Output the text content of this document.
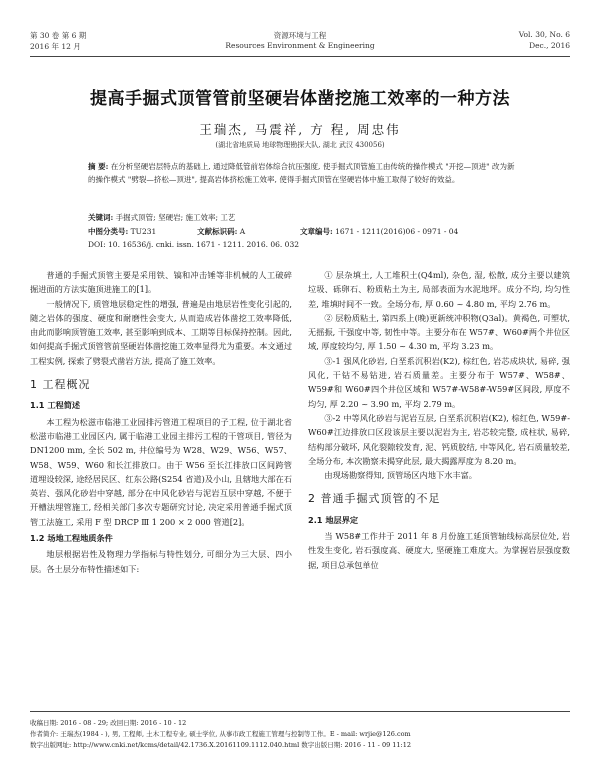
第 30 卷 第 6 期
2016 年 12 月
资源环境与工程
Resources Environment & Engineering
Vol. 30, No. 6
Dec., 2016
提高手掘式顶管管前坚硬岩体凿挖施工效率的一种方法
王瑞杰, 马震祥, 方 程, 周忠伟
(湖北省地质局 地球物理勘探大队, 湖北 武汉 430056)
摘 要: 在分析坚硬岩层特点的基础上, 通过降低管前岩体综合抗压强度, 使手掘式顶管施工由传统的操作模式 "开挖—顶进" 改为新的操作模式 "劈裂—挤松—顶进", 提高岩体挤松施工效率, 使得手掘式顶管在坚硬岩体中施工取得了较好的效益。
关键词: 手掘式顶管; 坚硬岩; 施工效率; 工艺
中图分类号: TU231	文献标识码: A	文章编号: 1671 - 1211(2016)06 - 0971 - 04
DOI: 10. 16536/j. cnki. issn. 1671 - 1211. 2016. 06. 032

普通的手掘式顶管主要是采用铁、镐和冲击锤等非机械的人工破碎掘进面的方法实施顶进施工的[1]。

一般情况下, 质管地层稳定性的增强, 普遍是由地层岩性变化引起的, 随之岩体的强度、硬度和耐磨性会变大, 从而造成岩体凿挖工效率降低, 由此而影响顶管施工效率, 甚至影响到成本、工期等目标保持控制。因此, 如何提高手掘式顶管管前坚硬岩体凿挖施工效率显得尤为重要。本文通过工程实例, 探索了劈裂式凿岩方法, 提高了施工效率。

1 工程概况
1.1 工程简述

本工程为松滋市临港工业园排污管道工程项目的子工程, 位于湖北省松滋市临港工业园区内, 属于临港工业园主排污工程的干管项目, 管径为 DN1200 mm, 全长 502 m, 井位编号为 W28、W29、W56、W57、W58、W59、W60 和长江排放口。由于 W56 至长江排放口区间跨管道埋设较深, 途经居民区、红东公路(S254 省道)及小山, 且辖地大部在石英岩、强风化砂岩中穿越, 部分在中风化砂岩与泥岩互层中穿越, 不便于开槽法埋管施工, 经相关部门多次专题研究讨论, 决定采用普通手掘式顶管工法施工, 采用 F 型 DRCP Ⅲ 1 200 × 2 000 管道[2]。

1.2 场地工程地质条件

地层根据岩性及物理力学指标与特性划分, 可细分为三大层、四小层。各土层分布特性描述如下:

① 层杂填土, 人工堆积土(Q4ml), 杂色, 湿, 松散, 成分主要以建筑垃圾、砾卵石、粉质粘土为主, 局部表面为水泥地坪。成分不均, 均匀性差, 堆填时间不一致。全场分布, 厚 0.60 ~ 4.80 m, 平均 2.76 m。

② 层粉质粘土, 第四系上(晚)更新统冲积物(Q3al)。黄褐色, 可塑状, 无摇振, 干强度中等, 韧性中等。主要分布在 W57#、W60#两个井位区域, 厚度较均匀, 厚 1.50 ~ 4.30 m, 平均 3.23 m。

③-1 强风化砂岩, 白垩系沉积岩(K2), 棕红色, 岩芯成块状, 易碎, 强风化, 干钻不易钻进, 岩石质量差。主要分布于 W57#、W58#、W59#和 W60#四个井位区域和 W57#-W58#-W59#区间段, 厚度不均匀, 厚 2.20 ~ 3.90 m, 平均 2.79 m。

③-2 中等风化砂岩与泥岩互层, 白垩系沉积岩(K2), 棕红色, W59#-W60#江边排放口区段该层主要以泥岩为主, 岩芯较完整, 成柱状, 易碎, 结构部分破坏, 风化裂隙较发育, 泥、钙质胶结, 中等风化, 岩石质量较差, 全场分布, 本次勘察未揭穿此层, 最大揭露厚度为 8.20 m。

由现场勘察得知, 顶管场区内地下水丰富。

2 普通手掘式顶管的不足
2.1 地层界定

当 W58#工作井于 2011 年 8 月份施工延顶管轴线标高层位处, 岩性发生变化, 岩石强度高、硬度大, 坚硬施工难度大。为掌握岩层强度数据, 项目总承包单位

收稿日期: 2016 - 08 - 29; 改回日期: 2016 - 10 - 12
作者简介: 王瑞杰(1984 - ), 男, 工程师, 土木工程专业, 硕士学位, 从事市政工程施工管理与控制等工作。E - mail: wrjie@126.com
数字出版网址: http://www.cnki.net/kcms/detail/42.1736.X.20161109.1112.040.html 数字出版日期: 2016 - 11 - 09 11:12
